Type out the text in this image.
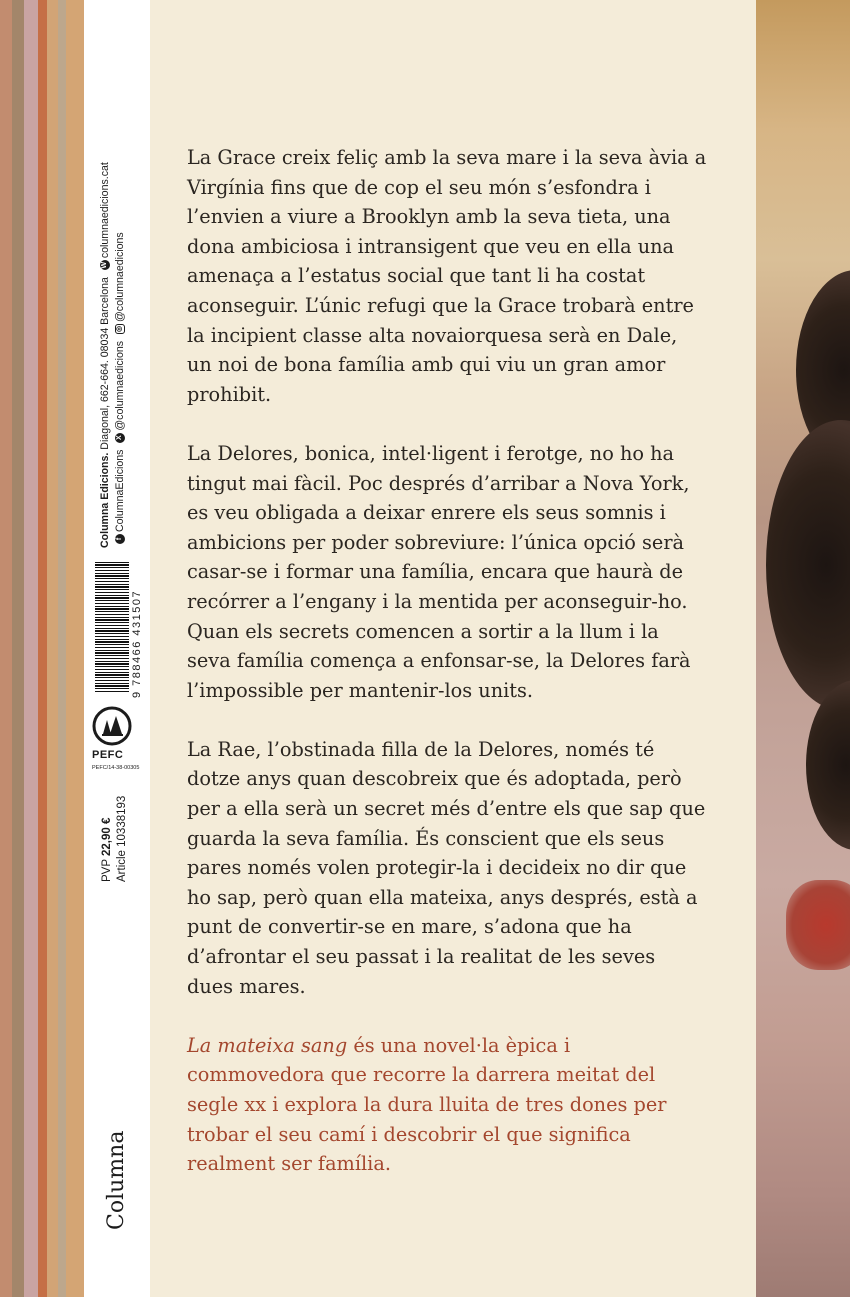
Columna Edicions. Diagonal, 662-664. 08034 Barcelona Wcolumnaedicions.cat
fColumnaEdicions X@columnaedicions ◎@columnaedicions
9 788466 431507
PEFC
PEFC/14-38-00305
PVP 22,90 € Article 10338193
Columna

La Grace creix feliç amb la seva mare i la seva àvia a Virgínia fins que de cop el seu món s’esfondra i l’envien a viure a Brooklyn amb la seva tieta, una dona ambiciosa i intransigent que veu en ella una amenaça a l’estatus social que tant li ha costat aconseguir. L’únic refugi que la Grace trobarà entre la incipient classe alta novaiorquesa serà en Dale, un noi de bona família amb qui viu un gran amor prohibit.

La Delores, bonica, intel·ligent i ferotge, no ho ha tingut mai fàcil. Poc després d’arribar a Nova York, es veu obligada a deixar enrere els seus somnis i ambicions per poder sobreviure: l’única opció serà casar-se i formar una família, encara que haurà de recórrer a l’engany i la mentida per aconseguir-ho. Quan els secrets comencen a sortir a la llum i la seva família comença a enfonsar-se, la Delores farà l’impossible per mantenir-los units.

La Rae, l’obstinada filla de la Delores, només té dotze anys quan descobreix que és adoptada, però per a ella serà un secret més d’entre els que sap que guarda la seva família. És conscient que els seus pares només volen protegir-la i decideix no dir que ho sap, però quan ella mateixa, anys després, està a punt de convertir-se en mare, s’adona que ha d’afrontar el seu passat i la realitat de les seves dues mares.

La mateixa sang és una novel·la èpica i commovedora que recorre la darrera meitat del segle xx i explora la dura lluita de tres dones per trobar el seu camí i descobrir el que significa realment ser família.
